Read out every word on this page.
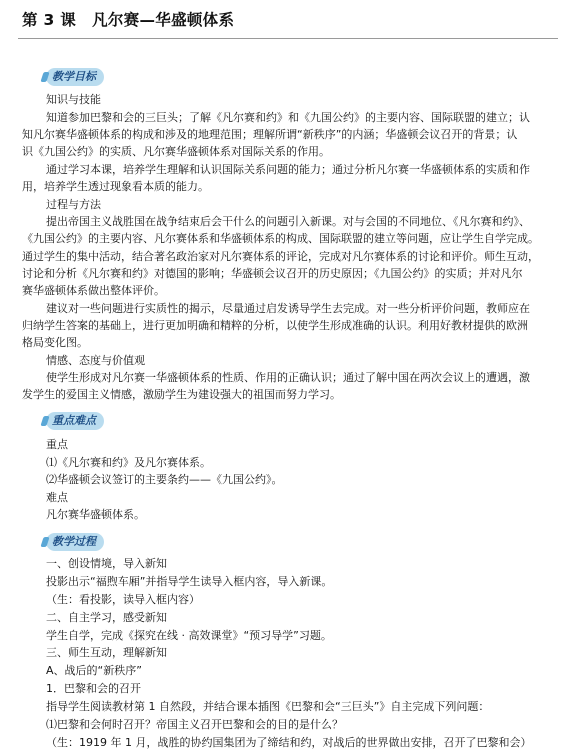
第 3 课 凡尔赛—华盛顿体系
教学目标
知识与技能
知道参加巴黎和会的三巨头；了解《凡尔赛和约》和《九国公约》的主要内容、国际联盟的建立；认
知凡尔赛华盛顿体系的构成和涉及的地理范围；理解所谓“新秩序”的内涵；华盛顿会议召开的背景；认
识《九国公约》的实质、凡尔赛华盛顿体系对国际关系的作用。
通过学习本课，培养学生理解和认识国际关系问题的能力；通过分析凡尔赛一华盛顿体系的实质和作
用，培养学生透过现象看本质的能力。
过程与方法
提出帝国主义战胜国在战争结束后会干什么的问题引入新课。对与会国的不同地位、《凡尔赛和约》、
《九国公约》的主要内容、凡尔赛体系和华盛顿体系的构成、国际联盟的建立等问题，应让学生自学完成。
通过学生的集中活动，结合著名政治家对凡尔赛体系的评论，完成对凡尔赛体系的讨论和评价。师生互动，
讨论和分析《凡尔赛和约》对德国的影响；华盛顿会议召开的历史原因；《九国公约》的实质；并对凡尔
赛华盛顿体系做出整体评价。
建议对一些问题进行实质性的揭示，尽量通过启发诱导学生去完成。对一些分析评价问题，教师应在
归纳学生答案的基础上，进行更加明确和精粹的分析，以使学生形成准确的认识。利用好教材提供的欧洲
格局变化图。
情感、态度与价值观
使学生形成对凡尔赛一华盛顿体系的性质、作用的正确认识；通过了解中国在两次会议上的遭遇，激
发学生的爱国主义情感，激励学生为建设强大的祖国而努力学习。
重点难点
重点
⑴《凡尔赛和约》及凡尔赛体系。
⑵华盛顿会议签订的主要条约——《九国公约》。
难点
凡尔赛华盛顿体系。
教学过程
一、创设情境，导入新知
投影出示“福煦车厢”并指导学生读导入框内容，导入新课。
（生：看投影，读导入框内容）
二、自主学习，感受新知
学生自学，完成《探究在线 · 高效课堂》“预习导学”习题。
三、师生互动，理解新知
A、战后的“新秩序”
1．巴黎和会的召开
指导学生阅读教材第 1 自然段，并结合课本插图《巴黎和会“三巨头”》自主完成下列问题：
⑴巴黎和会何时召开？帝国主义召开巴黎和会的目的是什么？
（生：1919 年 1 月，战胜的协约国集团为了缔结和约，对战后的世界做出安排，召开了巴黎和会）
